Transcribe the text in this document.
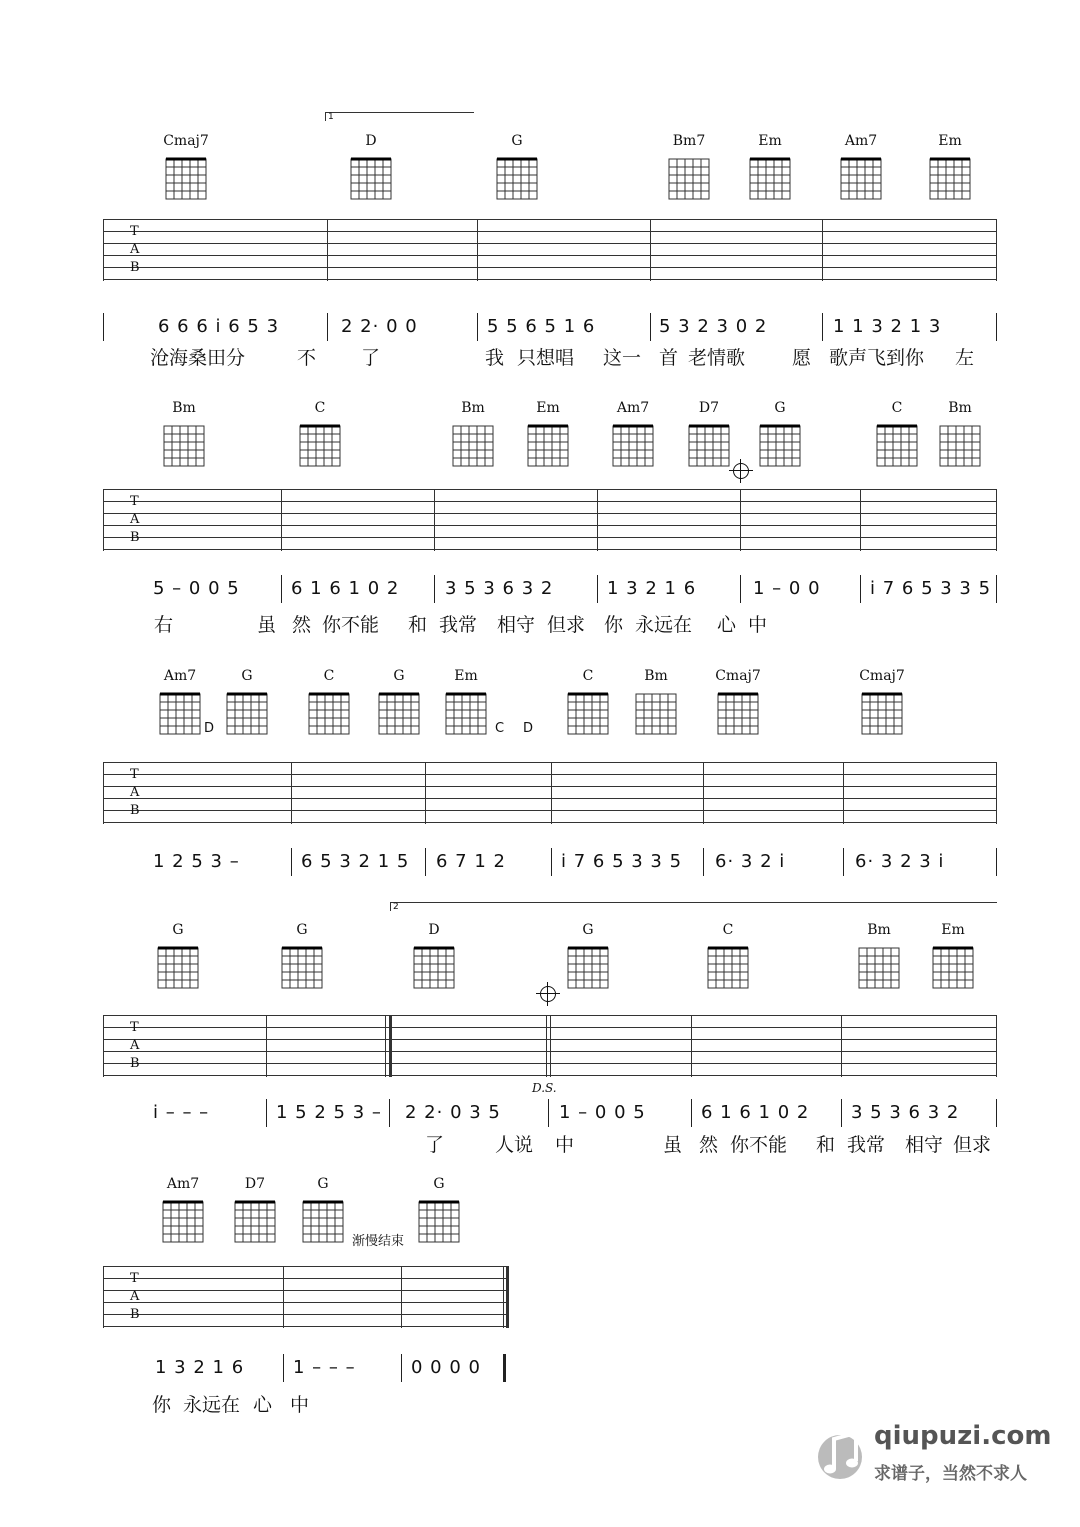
1
Cmaj7	D	G	Bm7	Em	Am7	Em
T
A
B
6 6 6 i 6 5 3	2 2· 0 0	5 5 6 5 1 6	5 3 2 3 0 2	1 1 3 2 1 3
沧海桑田分	不 了	我 只想唱 这一 首 老情歌 愿 歌声飞到你 左
Bm	C	Bm	Em	Am7	D7	G	C	Bm
T
A
B
5 – 0 0 5	6 1 6 1 0 2	3 5 3 6 3 2	1 3 2 1 6	1 – 0 0	i 7 6 5 3 3 5
右	虽 然 你不能 和 我常 相守 但求 你 永远在 心 中
Am7	G	C	G	Em	C	Bm	Cmaj7	Cmaj7
D	C D
T
A
B
1 2 5 3 –	6 5 3 2 1 5 6 7 1 2	i 7 6 5 3 3 5 6· 3 2 i	6· 3 2 3 i
2
G	G	D	G	C	Bm	Em
D.S.
T
A
B
i – – –	1 5 2 5 3 – 2 2· 0 3 5	1 – 0 0 5	6 1 6 1 0 2 3 5 3 6 3 2
了	人说 中	虽 然 你不能 和 我常 相守 但求
Am7	D7	G	G
渐慢结束
T
A
B
1 3 2 1 6	1 – – –	0 0 0 0
你 永远在 心 中
qiupuzi.com
求谱子，当然不求人
